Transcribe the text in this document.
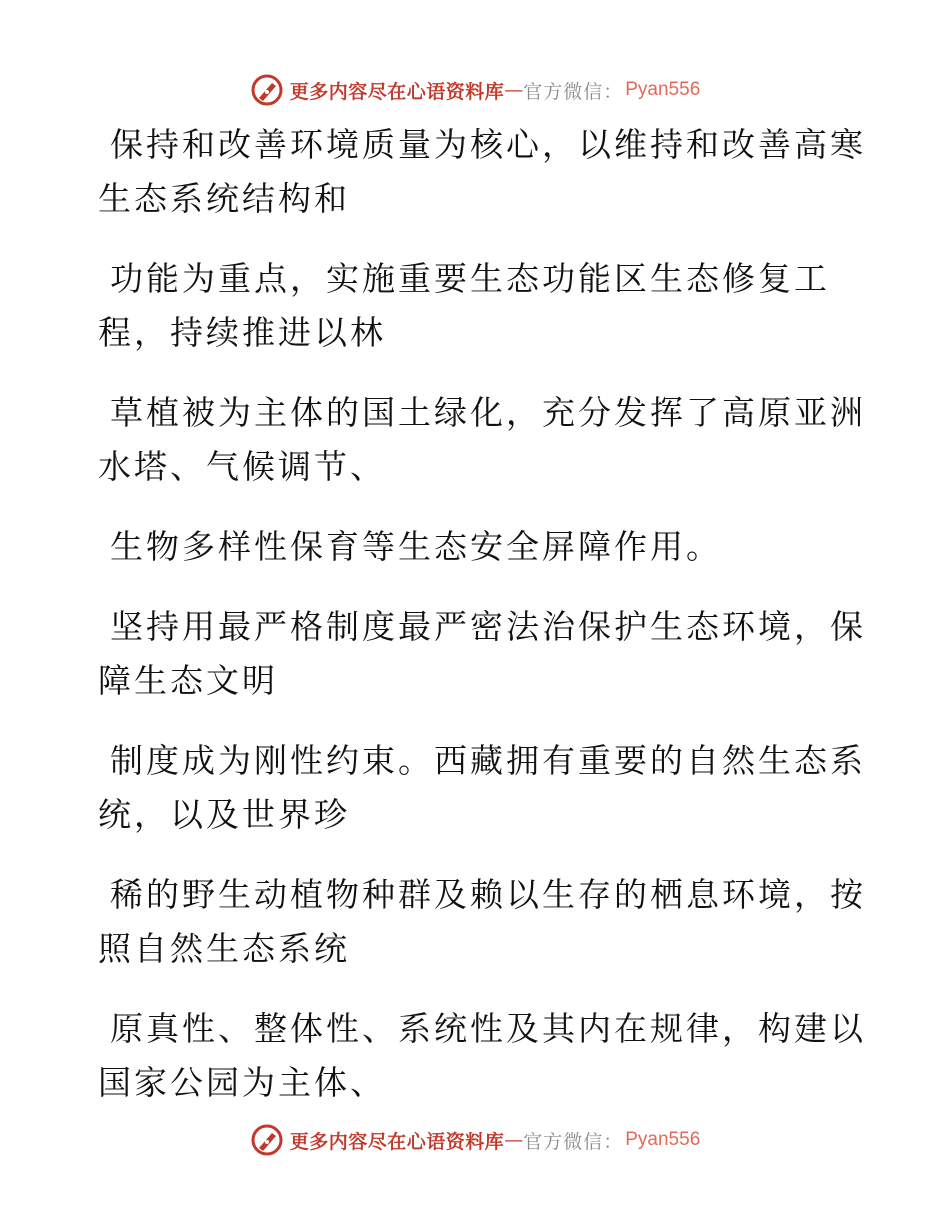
更多内容尽在心语资料库 — 官方微信： Pyan556

保持和改善环境质量为核心，以维持和改善高寒
生态系统结构和

功能为重点，实施重要生态功能区生态修复工
程，持续推进以林

草植被为主体的国土绿化，充分发挥了高原亚洲
水塔、气候调节、

生物多样性保育等生态安全屏障作用。

坚持用最严格制度最严密法治保护生态环境，保
障生态文明

制度成为刚性约束。西藏拥有重要的自然生态系
统，以及世界珍

稀的野生动植物种群及赖以生存的栖息环境，按
照自然生态系统

原真性、整体性、系统性及其内在规律，构建以
国家公园为主体、

更多内容尽在心语资料库 — 官方微信： Pyan556
